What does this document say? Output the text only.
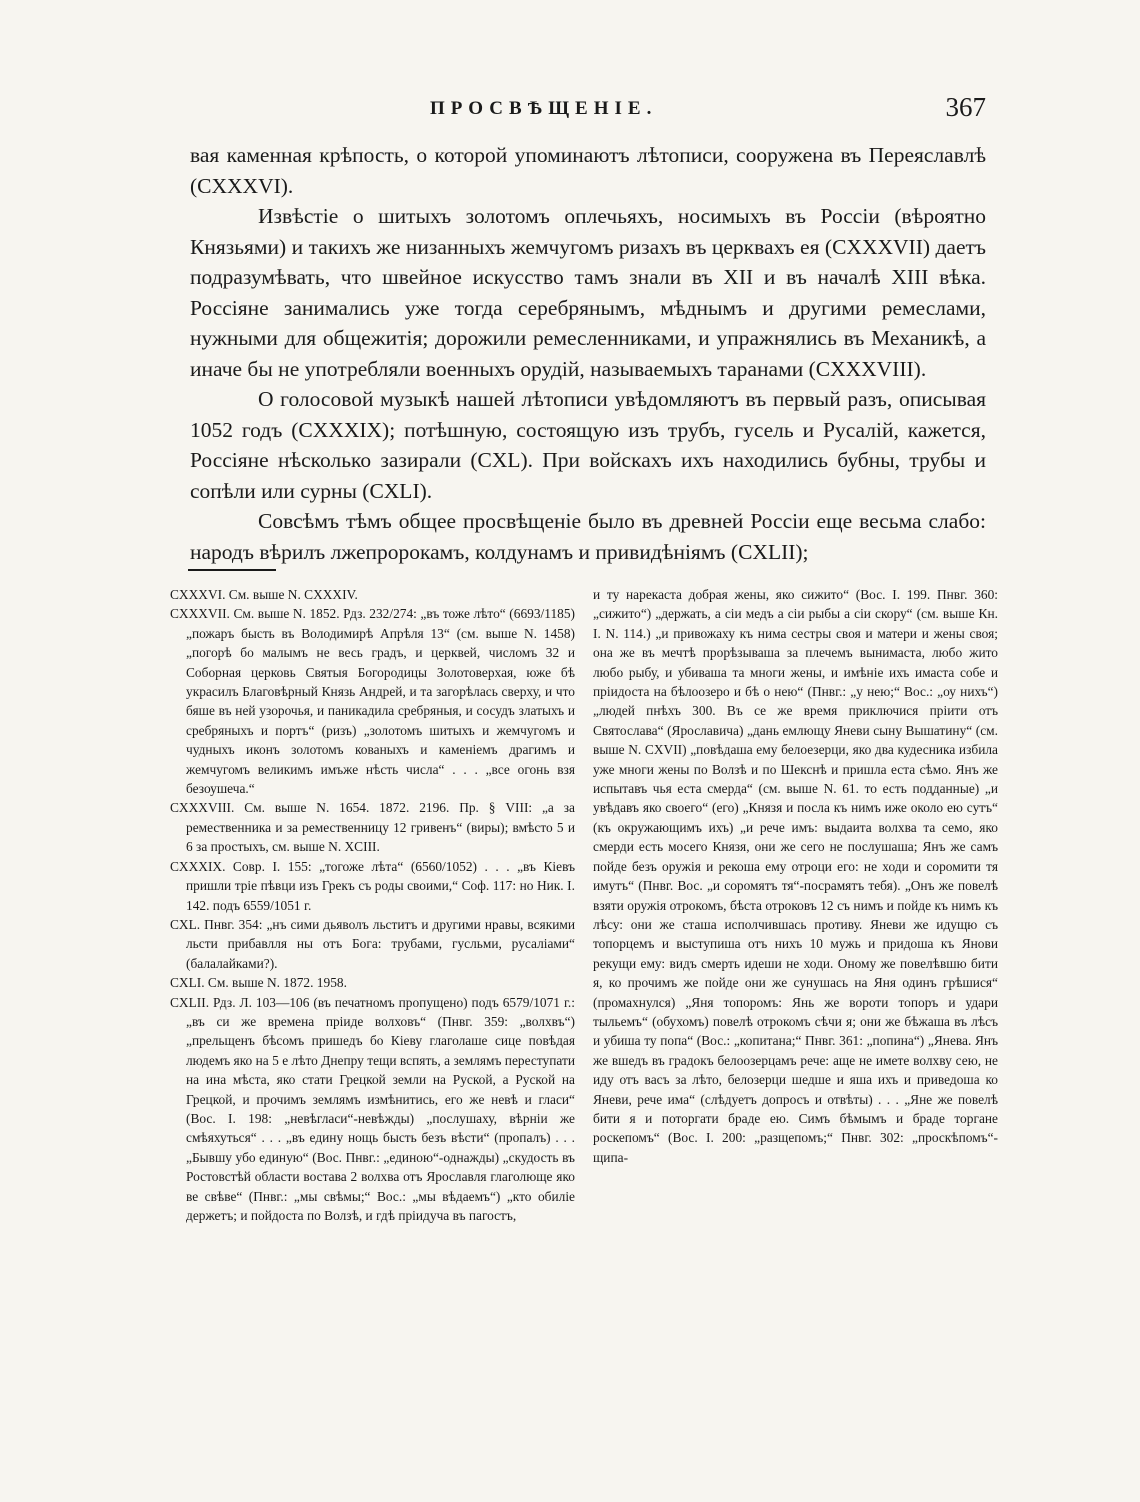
ПРОСВѢЩЕНІЕ.	367

вая каменная крѣпость, о которой упоминаютъ лѣтописи, сооружена въ Переяславлѣ (CXXXVI).

Извѣстіе о шитыхъ золотомъ оплечьяхъ, носимыхъ въ Россіи (вѣроятно Князьями) и такихъ же низанныхъ жемчугомъ ризахъ въ церквахъ ея (CXXXVII) даетъ подразумѣвать, что швейное искусство тамъ знали въ XII и въ началѣ XIII вѣка. Россіяне занимались уже тогда серебрянымъ, мѣднымъ и другими ремеслами, нужными для общежитія; дорожили ремесленниками, и упражнялись въ Механикѣ, а иначе бы не употребляли военныхъ орудій, называемыхъ таранами (CXXXVIII).

О голосовой музыкѣ нашей лѣтописи увѣдомляютъ въ первый разъ, описывая 1052 годъ (CXXXIX); потѣшную, состоящую изъ трубъ, гусель и Русалій, кажется, Россіяне нѣсколько зазирали (CXL). При войскахъ ихъ находились бубны, трубы и сопѣли или сурны (CXLI).

Совсѣмъ тѣмъ общее просвѣщеніе было въ древней Россіи еще весьма слабо: народъ вѣрилъ лжепророкамъ, колдунамъ и привидѣніямъ (CXLII);

CXXXVI. См. выше N. CXXXIV.

CXXXVII. См. выше N. 1852. Рдз. 232/274: „въ тоже лѣто“ (6693/1185) „пожаръ бысть въ Володимирѣ Апрѣля 13“ (см. выше N. 1458) „погорѣ бо малымъ не весь градъ, и церквей, числомъ 32 и Соборная церковь Святыя Богородицы Золотоверхая, юже бѣ украсилъ Благовѣрный Князь Андрей, и та загорѣлась сверху, и что бяше въ ней узорочья, и паникадила сребряныя, и сосудъ златыхъ и сребряныхъ и портъ“ (ризъ) „золотомъ шитыхъ и жемчугомъ и чудныхъ иконъ золотомъ кованыхъ и каменіемъ драгимъ и жемчугомъ великимъ имъже нѣсть числа“ . . . „все огонь взя безоушеча.“

CXXXVIII. См. выше N. 1654. 1872. 2196. Пр. § VIII: „а за ремественника и за ремественницу 12 гривенъ“ (виры); вмѣсто 5 и 6 за простыхъ, см. выше N. XCIII.

CXXXIX. Совр. I. 155: „тогоже лѣта“ (6560/1052) . . . „въ Кіевъ пришли тріе пѣвци изъ Грекъ съ роды своими,“ Соф. 117: но Ник. I. 142. подъ 6559/1051 г.

CXL. Пнвг. 354: „нъ сими дьяволъ льститъ и другими нравы, всякими льсти прибавлля ны отъ Бога: трубами, гусльми, русаліами“ (балалайками?).

CXLI. См. выше N. 1872. 1958.

CXLII. Рдз. Л. 103—106 (въ печатномъ пропущено) подъ 6579/1071 г.: „въ си же времена пріиде волховъ“ (Пнвг. 359: „волхвъ“) „прельщенъ бѣсомъ пришедъ бо Кіеву глаголаше сице повѣдая людемъ яко на 5 е лѣто Днепру тещи вспять, а землямъ переступати на ина мѣста, яко стати Грецкой земли на Руской, а Руской на Грецкой, и прочимъ землямъ измѣнитись, его же невѣ и гласи“ (Вос. I. 198: „невѣгласи“-невѣжды) „послушаху, вѣрніи же смѣяхуться“ . . . „въ едину нощь бысть безъ вѣсти“ (пропалъ) . . . „Бывшу убо единую“ (Вос. Пнвг.: „единою“-однажды) „скудость въ Ростовстѣй области востава 2 волхва отъ Ярославля глаголюще яко ве свѣве“ (Пнвг.: „мы свѣмы;“ Вос.: „мы вѣдаемъ“) „кто обиліе держетъ; и пойдоста по Волзѣ, и гдѣ пріидуча въ пагостъ,

и ту нарекаста добрая жены, яко сижито“ (Вос. I. 199. Пнвг. 360: „сижито“) „держать, а сіи медъ а сіи рыбы а сіи скору“ (см. выше Кн. I. N. 114.) „и привожаху къ нима сестры своя и матери и жены своя; она же въ мечтѣ прорѣзываша за плечемъ вынимаста, любо жито любо рыбу, и убиваша та многи жены, и имѣніе ихъ имаста собе и пріидоста на бѣлоозеро и бѣ о нею“ (Пнвг.: „у нею;“ Вос.: „оу нихъ“) „людей пнѣхъ 300. Въ се же время приключися пріити отъ Святослава“ (Ярославича) „дань емлющу Яневи сыну Вышатину“ (см. выше N. CXVII) „повѣдаша ему белоезерци, яко два кудесника избила уже многи жены по Волзѣ и по Шекснѣ и пришла еста сѣмо. Янъ же испытавъ чья еста смерда“ (см. выше N. 61. то есть подданные) „и увѣдавъ яко своего“ (его) „Князя и посла къ нимъ иже около ею сутъ“ (къ окружающимъ ихъ) „и рече имъ: выдаита волхва та семо, яко смерди есть мосего Князя, они же сего не послушаша; Янъ же самъ пойде безъ оружія и рекоша ему отроци его: не ходи и соромити тя имутъ“ (Пнвг. Вос. „и соромятъ тя“-посрамятъ тебя). „Онъ же повелѣ взяти оружія отрокомъ, бѣста отроковъ 12 съ нимъ и пойде къ нимъ къ лѣсу: они же сташа исполчившась противу. Яневи же идущю съ топорцемъ и выступиша отъ нихъ 10 мужь и придоша къ Янови рекущи ему: видъ смерть идеши не ходи. Оному же повелѣвшю бити я, ко прочимъ же пойде они же сунушась на Яня одинъ грѣшися“ (промахнулся) „Яня топоромъ: Янь же вороти топоръ и удари тыльемъ“ (обухомъ) повелѣ отрокомъ сѣчи я; они же бѣжаша въ лѣсъ и убиша ту попа“ (Вос.: „копитана;“ Пнвг. 361: „попина“) „Янева. Янъ же вшедъ въ градокъ белоозерцамъ рече: аще не имете волхву сею, не иду отъ васъ за лѣто, белозерци шедше и яша ихъ и приведоша ко Яневи, рече има“ (слѣдуетъ допросъ и отвѣты) . . . „Яне же повелѣ бити я и поторгати браде ею. Симъ бѣмымъ и браде торгане роскепомъ“ (Вос. I. 200: „разщепомъ;“ Пнвг. 302: „проскѣпомъ“-щипа-
